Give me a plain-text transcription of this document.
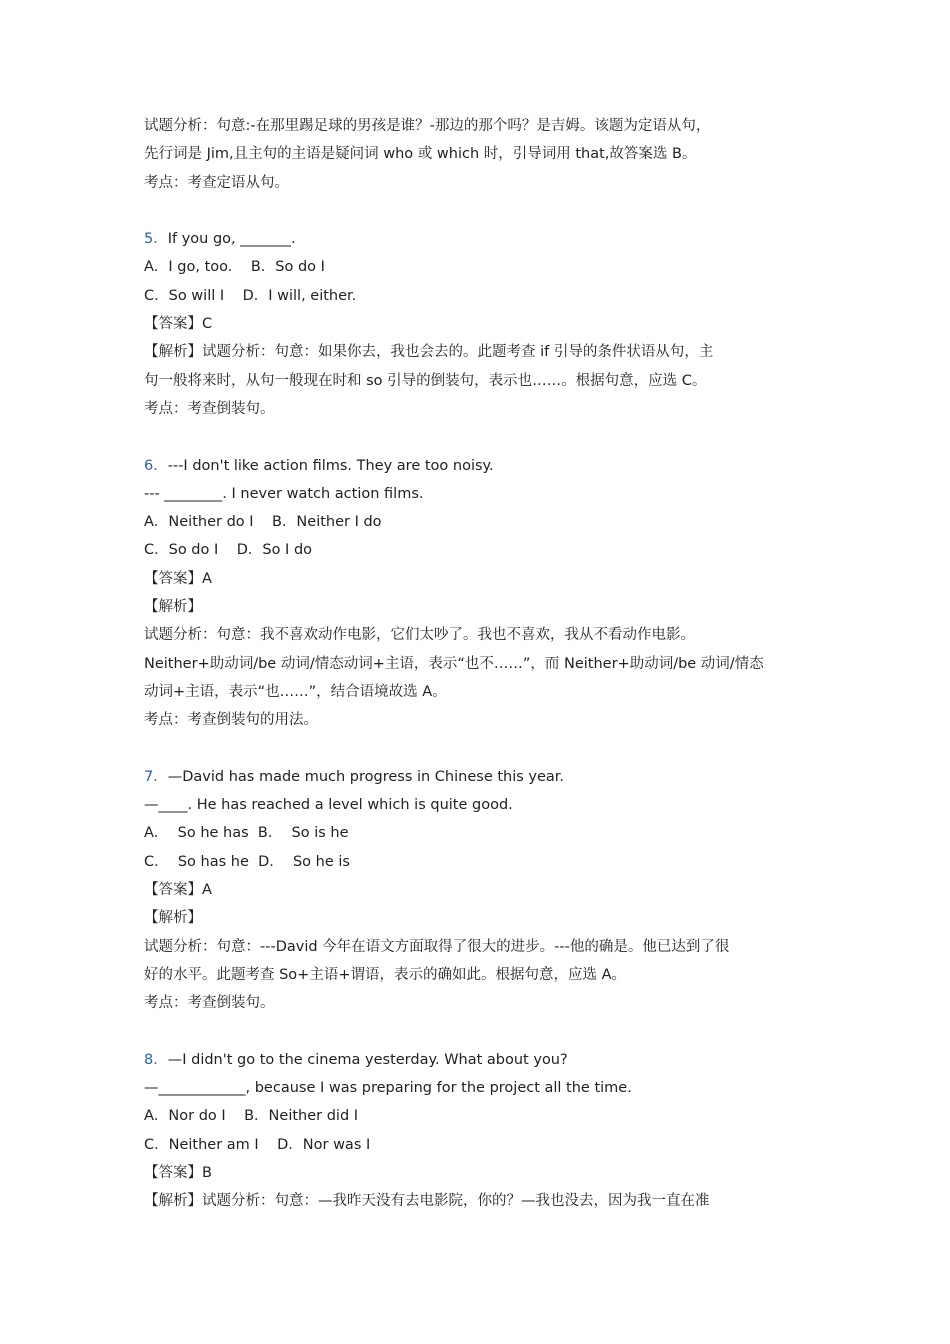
试题分析：句意:-在那里踢足球的男孩是谁？-那边的那个吗？是吉姆。该题为定语从句，
先行词是 Jim,且主句的主语是疑问词 who 或 which 时，引导词用 that,故答案选 B。
考点：考查定语从句。
5．If you go, _______.
A．I go, too.    B．So do I
C．So will I    D．I will, either.
【答案】C
【解析】试题分析：句意：如果你去，我也会去的。此题考查 if 引导的条件状语从句，主
句一般将来时，从句一般现在时和 so 引导的倒装句，表示也……。根据句意，应选 C。
考点：考查倒装句。
6．---I don't like action films. They are too noisy.
--- ________. I never watch action films.
A．Neither do I    B．Neither I do
C．So do I    D．So I do
【答案】A
【解析】
试题分析：句意：我不喜欢动作电影，它们太吵了。我也不喜欢，我从不看动作电影。
Neither+助动词/be 动词/情态动词+主语，表示“也不……”，而 Neither+助动词/be 动词/情态
动词+主语，表示“也……”，结合语境故选 A。
考点：考查倒装句的用法。
7．—David has made much progress in Chinese this year.
—____. He has reached a level which is quite good.
A．  So he has  B．  So is he
C．  So has he  D．  So he is
【答案】A
【解析】
试题分析：句意：---David 今年在语文方面取得了很大的进步。---他的确是。他已达到了很
好的水平。此题考查 So+主语+谓语，表示的确如此。根据句意，应选 A。
考点：考查倒装句。
8．—I didn't go to the cinema yesterday. What about you?
—____________, because I was preparing for the project all the time.
A．Nor do I    B．Neither did I
C．Neither am I    D．Nor was I
【答案】B
【解析】试题分析：句意：—我昨天没有去电影院，你的？—我也没去，因为我一直在准
